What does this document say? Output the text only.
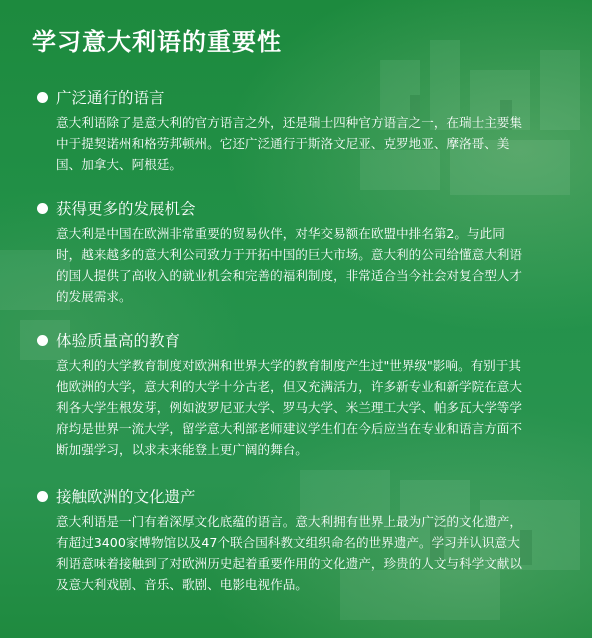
学习意大利语的重要性
广泛通行的语言
意大利语除了是意大利的官方语言之外，还是瑞士四种官方语言之一，在瑞士主要集
中于提契诺州和格劳邦顿州。它还广泛通行于斯洛文尼亚、克罗地亚、摩洛哥、美
国、加拿大、阿根廷。
获得更多的发展机会
意大利是中国在欧洲非常重要的贸易伙伴，对华交易额在欧盟中排名第2。与此同
时，越来越多的意大利公司致力于开拓中国的巨大市场。意大利的公司给懂意大利语
的国人提供了高收入的就业机会和完善的福利制度，非常适合当今社会对复合型人才
的发展需求。
体验质量高的教育
意大利的大学教育制度对欧洲和世界大学的教育制度产生过"世界级"影响。有别于其
他欧洲的大学，意大利的大学十分古老，但又充满活力，许多新专业和新学院在意大
利各大学生根发芽，例如波罗尼亚大学、罗马大学、米兰理工大学、帕多瓦大学等学
府均是世界一流大学，留学意大利部老师建议学生们在今后应当在专业和语言方面不
断加强学习，以求未来能登上更广阔的舞台。
接触欧洲的文化遗产
意大利语是一门有着深厚文化底蕴的语言。意大利拥有世界上最为广泛的文化遗产，
有超过3400家博物馆以及47个联合国科教文组织命名的世界遗产。学习并认识意大
利语意味着接触到了对欧洲历史起着重要作用的文化遗产，珍贵的人文与科学文献以
及意大利戏剧、音乐、歌剧、电影电视作品。
